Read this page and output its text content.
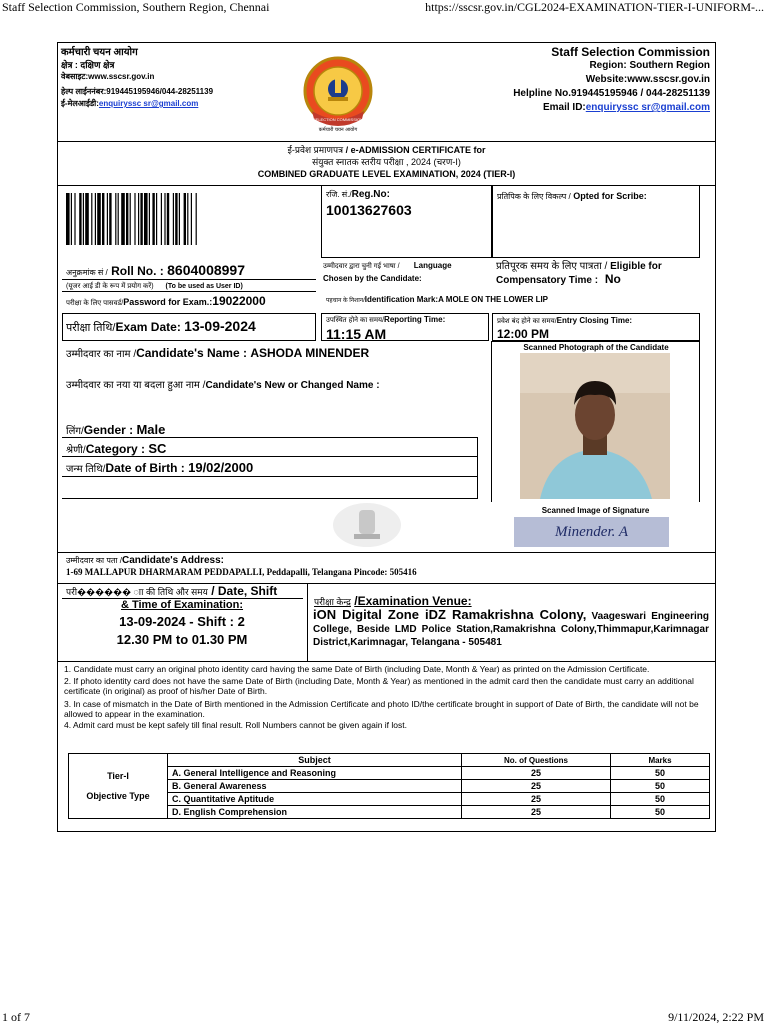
Staff Selection Commission, Southern Region, Chennai	https://sscsr.gov.in/CGL2024-EXAMINATION-TIER-I-UNIFORM-...
1 of 7	9/11/2024, 2:22 PM
कर्मचारी चयन आयोग
क्षेत्र : दक्षिण क्षेत्र
वेबसाइट:www.sscsr.gov.in
हेल्प लाईननंबर:919445195946/044-28251139
ई-मेलआईडी:enquiryssc sr@gmail.com
SELECTION COMMISSION
कर्मचारी चयन आयोग
Staff Selection Commission
Region: Southern Region
Website:www.sscsr.gov.in
Helpline No.919445195946 / 044-28251139
Email ID:enquiryssc sr@gmail.com
ई-प्रवेश प्रमाणपत्र / e-ADMISSION CERTIFICATE for
संयुक्त स्नातक स्तरीय परीक्षा , 2024 (चरण-I)
COMBINED GRADUATE LEVEL EXAMINATION, 2024 (TIER-I)
रजि. सं./Reg.No:
10013627603
प्रतिपिक के लिए विकल्प / Opted for Scribe:
अनुक्रमांक सं / Roll No. : 8604008997
(यूजर आई डी के रूप में प्रयोग करें) (To be used as User ID)
उम्मीदवार द्वारा चुनी गई भाषा / Language
Chosen by the Candidate:
प्रतिपूरक समय के लिए पात्रता / Eligible for
Compensatory Time : No
परीक्षा के लिए पासवर्ड/Password for Exam.:19022000	पहचान के निशान/Identification Mark:A MOLE ON THE LOWER LIP
परीक्षा तिथि/Exam Date: 13-09-2024	उपस्थित होने का समय/Reporting Time:
11:15 AM
प्रवेश बंद होने का समय/Entry Closing Time:
12:00 PM
उम्मीदवार का नाम /Candidate's Name : ASHODA MINENDER
उम्मीदवार का नया या बदला हुआ नाम /Candidate's New or Changed Name :
लिंग/Gender : Male
श्रेणी/Category : SC
जन्म तिथि/Date of Birth : 19/02/2000
Scanned Photograph of the Candidate
Scanned Image of Signature
Minender. A
उम्मीदवार का पता /Candidate's Address:
1-69 MALLAPUR DHARMARAM PEDDAPALLI, Peddapalli, Telangana Pincode: 505416
परी������ ाा की तिथि और समय / Date, Shift
& Time of Examination:
13-09-2024 - Shift : 2
12.30 PM to 01.30 PM
परीक्षा केन्द्र /Examination Venue:
iON Digital Zone iDZ Ramakrishna Colony, Vaageswari Engineering College, Beside LMD Police Station,Ramakrishna Colony,Thimmapur,Karimnagar District,Karimnagar, Telangana - 505481
1. Candidate must carry an original photo identity card having the same Date of Birth (including Date, Month & Year) as printed on the Admission Certificate.
2. If photo identity card does not have the same Date of Birth (including Date, Month & Year) as mentioned in the admit card then the candidate must carry an additional certificate (in original) as proof of his/her Date of Birth.
3. In case of mismatch in the Date of Birth mentioned in the Admission Certificate and photo ID/the certificate brought in support of Date of Birth, the candidate will not be allowed to appear in the examination.
4. Admit card must be kept safely till final result. Roll Numbers cannot be given again if lost.
Tier-I
Objective Type	Subject	No. of Questions	Marks
	A. General Intelligence and Reasoning	25	50
	B. General Awareness	25	50
	C. Quantitative Aptitude	25	50
	D. English Comprehension	25	50
